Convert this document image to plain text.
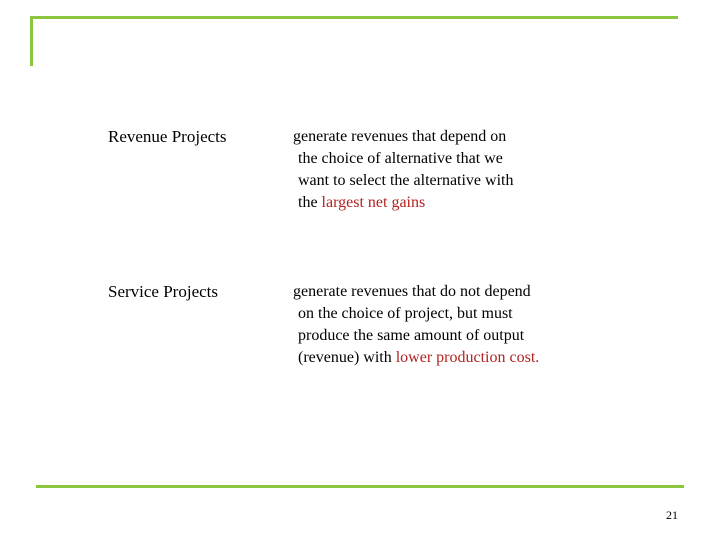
Revenue Projects	generate revenues that depend on
the choice of alternative that we
want to select the alternative with
the largest net gains
Service Projects	generate revenues that do not depend
on the choice of project, but must
produce the same amount of output
(revenue) with lower production cost.
21
